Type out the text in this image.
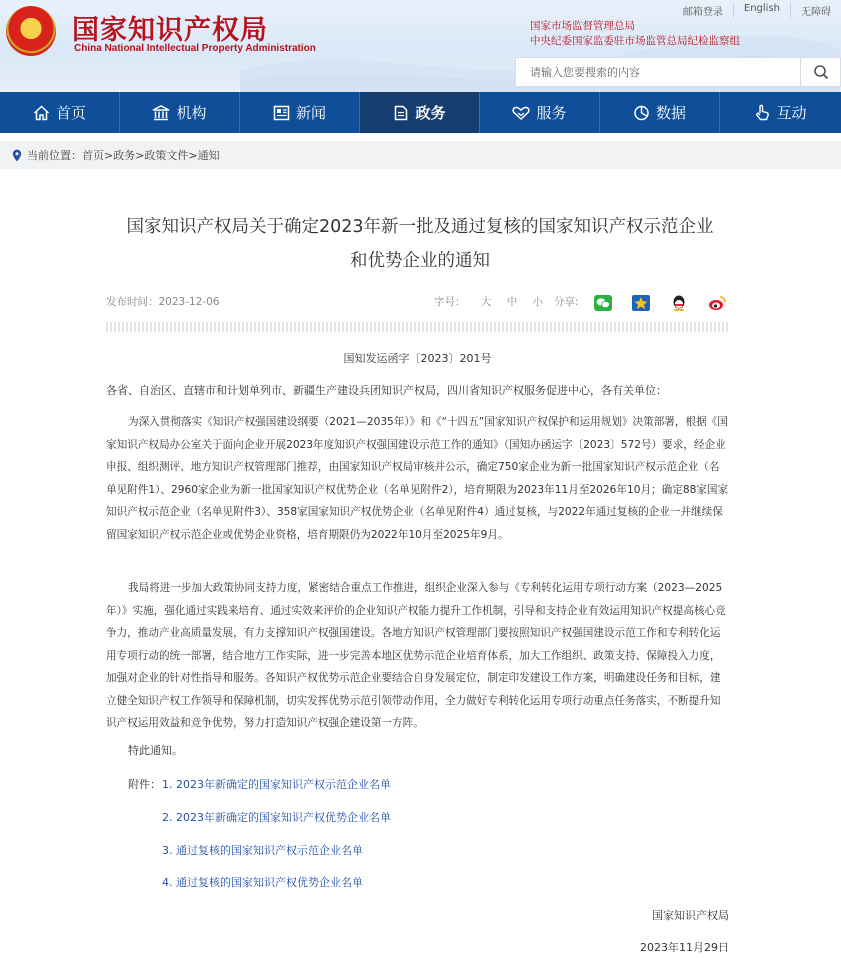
★ 国家知识产权局
China National Intellectual Property Administration
邮箱登录	English	无障碍
国家市场监督管理总局
中央纪委国家监委驻市场监管总局纪检监察组
请输入您要搜索的内容
首页	机构	新闻	政务	服务	数据	互动
当前位置：首页>政务>政策文件>通知
国家知识产权局关于确定2023年新一批及通过复核的国家知识产权示范企业
和优势企业的通知
发布时间：2023-12-06	字号： 大 中 小 分享:
国知发运函字〔2023〕201号
各省、自治区、直辖市和计划单列市、新疆生产建设兵团知识产权局，四川省知识产权服务促进中心，各有关单位：
为深入贯彻落实《知识产权强国建设纲要（2021—2035年）》和《“十四五”国家知识产权保护和运用规划》决策部署，根据《国家知识产权局办公室关于面向企业开展2023年度知识产权强国建设示范工作的通知》（国知办函运字〔2023〕572号）要求，经企业申报、组织测评、地方知识产权管理部门推荐，由国家知识产权局审核并公示，确定750家企业为新一批国家知识产权示范企业（名单见附件1）、2960家企业为新一批国家知识产权优势企业（名单见附件2），培育期限为2023年11月至2026年10月；确定88家国家知识产权示范企业（名单见附件3）、358家国家知识产权优势企业（名单见附件4）通过复核，与2022年通过复核的企业一并继续保留国家知识产权示范企业或优势企业资格，培育期限仍为2022年10月至2025年9月。
我局将进一步加大政策协同支持力度，紧密结合重点工作推进，组织企业深入参与《专利转化运用专项行动方案（2023—2025年）》实施，强化通过实践来培育、通过实效来评价的企业知识产权能力提升工作机制，引导和支持企业有效运用知识产权提高核心竞争力，推动产业高质量发展，有力支撑知识产权强国建设。各地方知识产权管理部门要按照知识产权强国建设示范工作和专利转化运用专项行动的统一部署，结合地方工作实际，进一步完善本地区优势示范企业培育体系，加大工作组织、政策支持、保障投入力度，加强对企业的针对性指导和服务。各知识产权优势示范企业要结合自身发展定位，制定印发建设工作方案，明确建设任务和目标，建立健全知识产权工作领导和保障机制，切实发挥优势示范引领带动作用，全力做好专利转化运用专项行动重点任务落实，不断提升知识产权运用效益和竞争优势，努力打造知识产权强企建设第一方阵。
特此通知。
附件： 1. 2023年新确定的国家知识产权示范企业名单
2. 2023年新确定的国家知识产权优势企业名单
3. 通过复核的国家知识产权示范企业名单
4. 通过复核的国家知识产权优势企业名单
国家知识产权局
2023年11月29日
